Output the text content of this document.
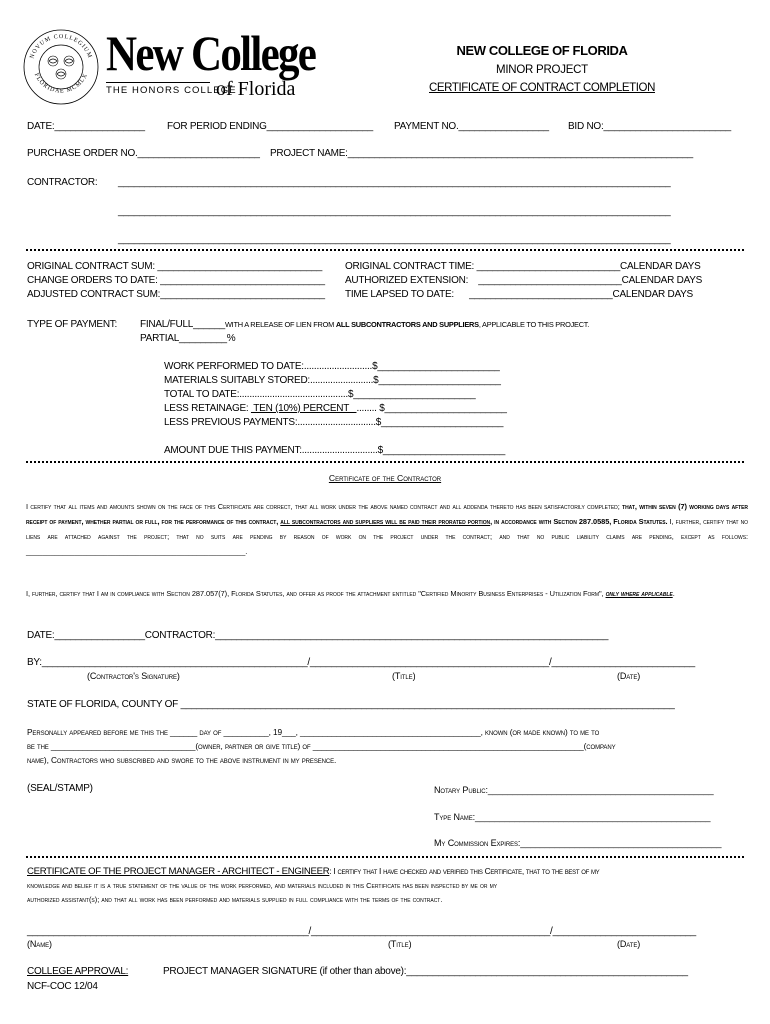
NOVUM COLLEGIUM
FLORIDAE MCMLX New College
THE HONORS COLLEGE
of Florida
NEW COLLEGE OF FLORIDA
MINOR PROJECT
CERTIFICATE OF CONTRACT COMPLETION
DATE:_________________ FOR PERIOD ENDING____________________ PAYMENT NO._________________ BID NO:________________________
PURCHASE ORDER NO._______________________ PROJECT NAME:_________________________________________________________________
CONTRACTOR: ________________________________________________________________________________________________________
________________________________________________________________________________________________________
________________________________________________________________________________________________________
ORIGINAL CONTRACT SUM: _______________________________
CHANGE ORDERS TO DATE: _______________________________
ADJUSTED CONTRACT SUM:_______________________________
ORIGINAL CONTRACT TIME: ___________________________CALENDAR DAYS
AUTHORIZED EXTENSION:    ___________________________CALENDAR DAYS
TIME LAPSED TO DATE:      ___________________________CALENDAR DAYS
TYPE OF PAYMENT: FINAL/FULL______WITH A RELEASE OF LIEN FROM ALL SUBCONTRACTORS AND SUPPLIERS, APPLICABLE TO THIS PROJECT.
PARTIAL_________%
WORK PERFORMED TO DATE:...........................$_______________________
MATERIALS SUITABLY STORED:.........................$_______________________
TOTAL TO DATE:...........................................$_______________________
LESS RETAINAGE:  TEN (10%) PERCENT   ........ $_______________________
LESS PREVIOUS PAYMENTS:...............................$_______________________
AMOUNT DUE THIS PAYMENT:..............................$_______________________
Certificate of the Contractor
I certify that all items and amounts shown on the face of this Certificate are correct, that all work under the above named contract and all addenda thereto has been satisfactorily completed; that, within seven (7) working days after receipt of payment, whether partial or full, for the performance of this contract, all subcontractors and suppliers will be paid their prorated portion, in accordance with Section 287.0585, Florida Statutes. I, further, certify that no liens are attached against the project; that no suits are pending by reason of work on the project under the contract; and that no public liability claims are pending, except as follows: ______________________________________________________.
I, further, certify that I am in compliance with Section 287.057(7), Florida Statutes, and offer as proof the attachment entitled "Certified Minority Business Enterprises - Utilization Form", only where applicable.
DATE:_________________CONTRACTOR:__________________________________________________________________________
BY:__________________________________________________/_____________________________________________/___________________________
(Contractor's Signature)	(Title)	(Date)
STATE OF FLORIDA, COUNTY OF _____________________________________________________________________________________________
Personally appeared before me this the ______ day of __________, 19___, ________________________________________, known (or made known) to me to
be the ________________________________(owner, partner or give title) of ____________________________________________________________(company
name), Contractors who subscribed and swore to the above instrument in my presence.
(SEAL/STAMP)	Notary Public:______________________________________________
Type Name:________________________________________________
My Commission Expires:_________________________________________
CERTIFICATE OF THE PROJECT MANAGER - ARCHITECT - ENGINEER: I certify that I have checked and verified this Certificate, that to the best of my
knowledge and belief it is a true statement of the value of the work performed, and materials included in this Certificate has been inspected by me or my
authorized assistant(s); and that all work has been performed and materials supplied in full compliance with the terms of the contract.
_____________________________________________________/_____________________________________________/___________________________
(Name)	(Title)	(Date)
COLLEGE APPROVAL:	PROJECT MANAGER SIGNATURE (if other than above):_____________________________________________________
NCF-COC 12/04
